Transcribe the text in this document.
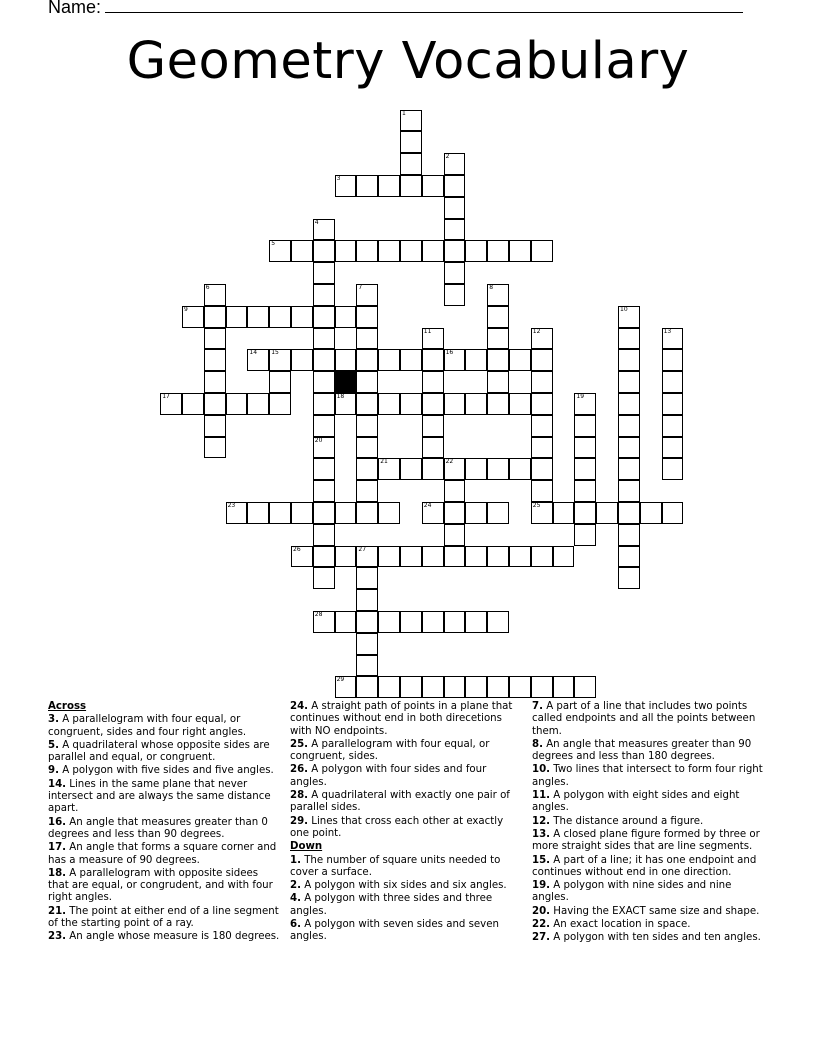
Name:
Geometry Vocabulary
1
2
3
4
20
5
6	7	8
9	10
11	12	13
14 15	16
17	18	19
21	22
23	24	25
26	27
28
29
Across
3. A parallelogram with four equal, or congruent, sides and four right angles.
5. A quadrilateral whose opposite sides are parallel and equal, or congruent.
9. A polygon with five sides and five angles.
14. Lines in the same plane that never intersect and are always the same distance apart.
16. An angle that measures greater than 0 degrees and less than 90 degrees.
17. An angle that forms a square corner and has a measure of 90 degrees.
18. A parallelogram with opposite sidees that are equal, or congrudent, and with four right angles.
21. The point at either end of a line segment of the starting point of a ray.
23. An angle whose measure is 180 degrees.
24. A straight path of points in a plane that continues without end in both direcetions with NO endpoints.
25. A parallelogram with four equal, or congruent, sides.
26. A polygon with four sides and four angles.
28. A quadrilateral with exactly one pair of parallel sides.
29. Lines that cross each other at exactly one point.
Down
1. The number of square units needed to cover a surface.
2. A polygon with six sides and six angles.
4. A polygon with three sides and three angles.
6. A polygon with seven sides and seven angles.
7. A part of a line that includes two points called endpoints and all the points between them.
8. An angle that measures greater than 90 degrees and less than 180 degrees.
10. Two lines that intersect to form four right angles.
11. A polygon with eight sides and eight angles.
12. The distance around a figure.
13. A closed plane figure formed by three or more straight sides that are line segments.
15. A part of a line; it has one endpoint and continues without end in one direction.
19. A polygon with nine sides and nine angles.
20. Having the EXACT same size and shape.
22. An exact location in space.
27. A polygon with ten sides and ten angles.
